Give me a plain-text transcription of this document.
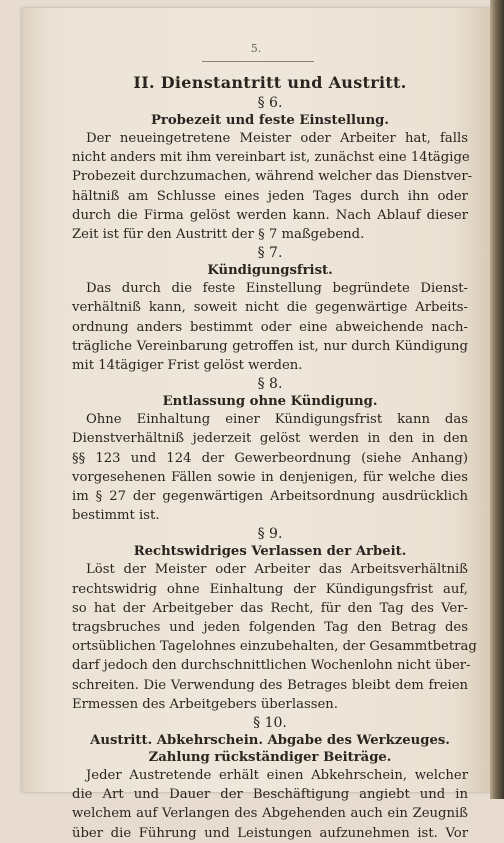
5.

II. Dienstantritt und Austritt.

§ 6.

Probezeit und feste Einstellung.

Der neueingetretene Meister oder Arbeiter hat, falls
nicht anders mit ihm vereinbart ist, zunächst eine 14tägige
Probezeit durchzumachen, während welcher das Dienstver-
hältniß am Schlusse eines jeden Tages durch ihn oder
durch die Firma gelöst werden kann. Nach Ablauf dieser
Zeit ist für den Austritt der § 7 maßgebend.

§ 7.

Kündigungsfrist.

Das durch die feste Einstellung begründete Dienst-
verhältniß kann, soweit nicht die gegenwärtige Arbeits-
ordnung anders bestimmt oder eine abweichende nach-
trägliche Vereinbarung getroffen ist, nur durch Kündigung
mit 14tägiger Frist gelöst werden.

§ 8.

Entlassung ohne Kündigung.

Ohne Einhaltung einer Kündigungsfrist kann das
Dienstverhältniß jederzeit gelöst werden in den in den
§§ 123 und 124 der Gewerbeordnung (siehe Anhang)
vorgesehenen Fällen sowie in denjenigen, für welche dies
im § 27 der gegenwärtigen Arbeitsordnung ausdrücklich
bestimmt ist.

§ 9.

Rechtswidriges Verlassen der Arbeit.

Löst der Meister oder Arbeiter das Arbeitsverhältniß
rechtswidrig ohne Einhaltung der Kündigungsfrist auf,
so hat der Arbeitgeber das Recht, für den Tag des Ver-
tragsbruches und jeden folgenden Tag den Betrag des
ortsüblichen Tagelohnes einzubehalten, der Gesammtbetrag
darf jedoch den durchschnittlichen Wochenlohn nicht über-
schreiten. Die Verwendung des Betrages bleibt dem freien
Ermessen des Arbeitgebers überlassen.

§ 10.

Austritt. Abkehrschein. Abgabe des Werkzeuges.

Zahlung rückständiger Beiträge.

Jeder Austretende erhält einen Abkehrschein, welcher
die Art und Dauer der Beschäftigung angiebt und in
welchem auf Verlangen des Abgehenden auch ein Zeugniß
über die Führung und Leistungen aufzunehmen ist. Vor
